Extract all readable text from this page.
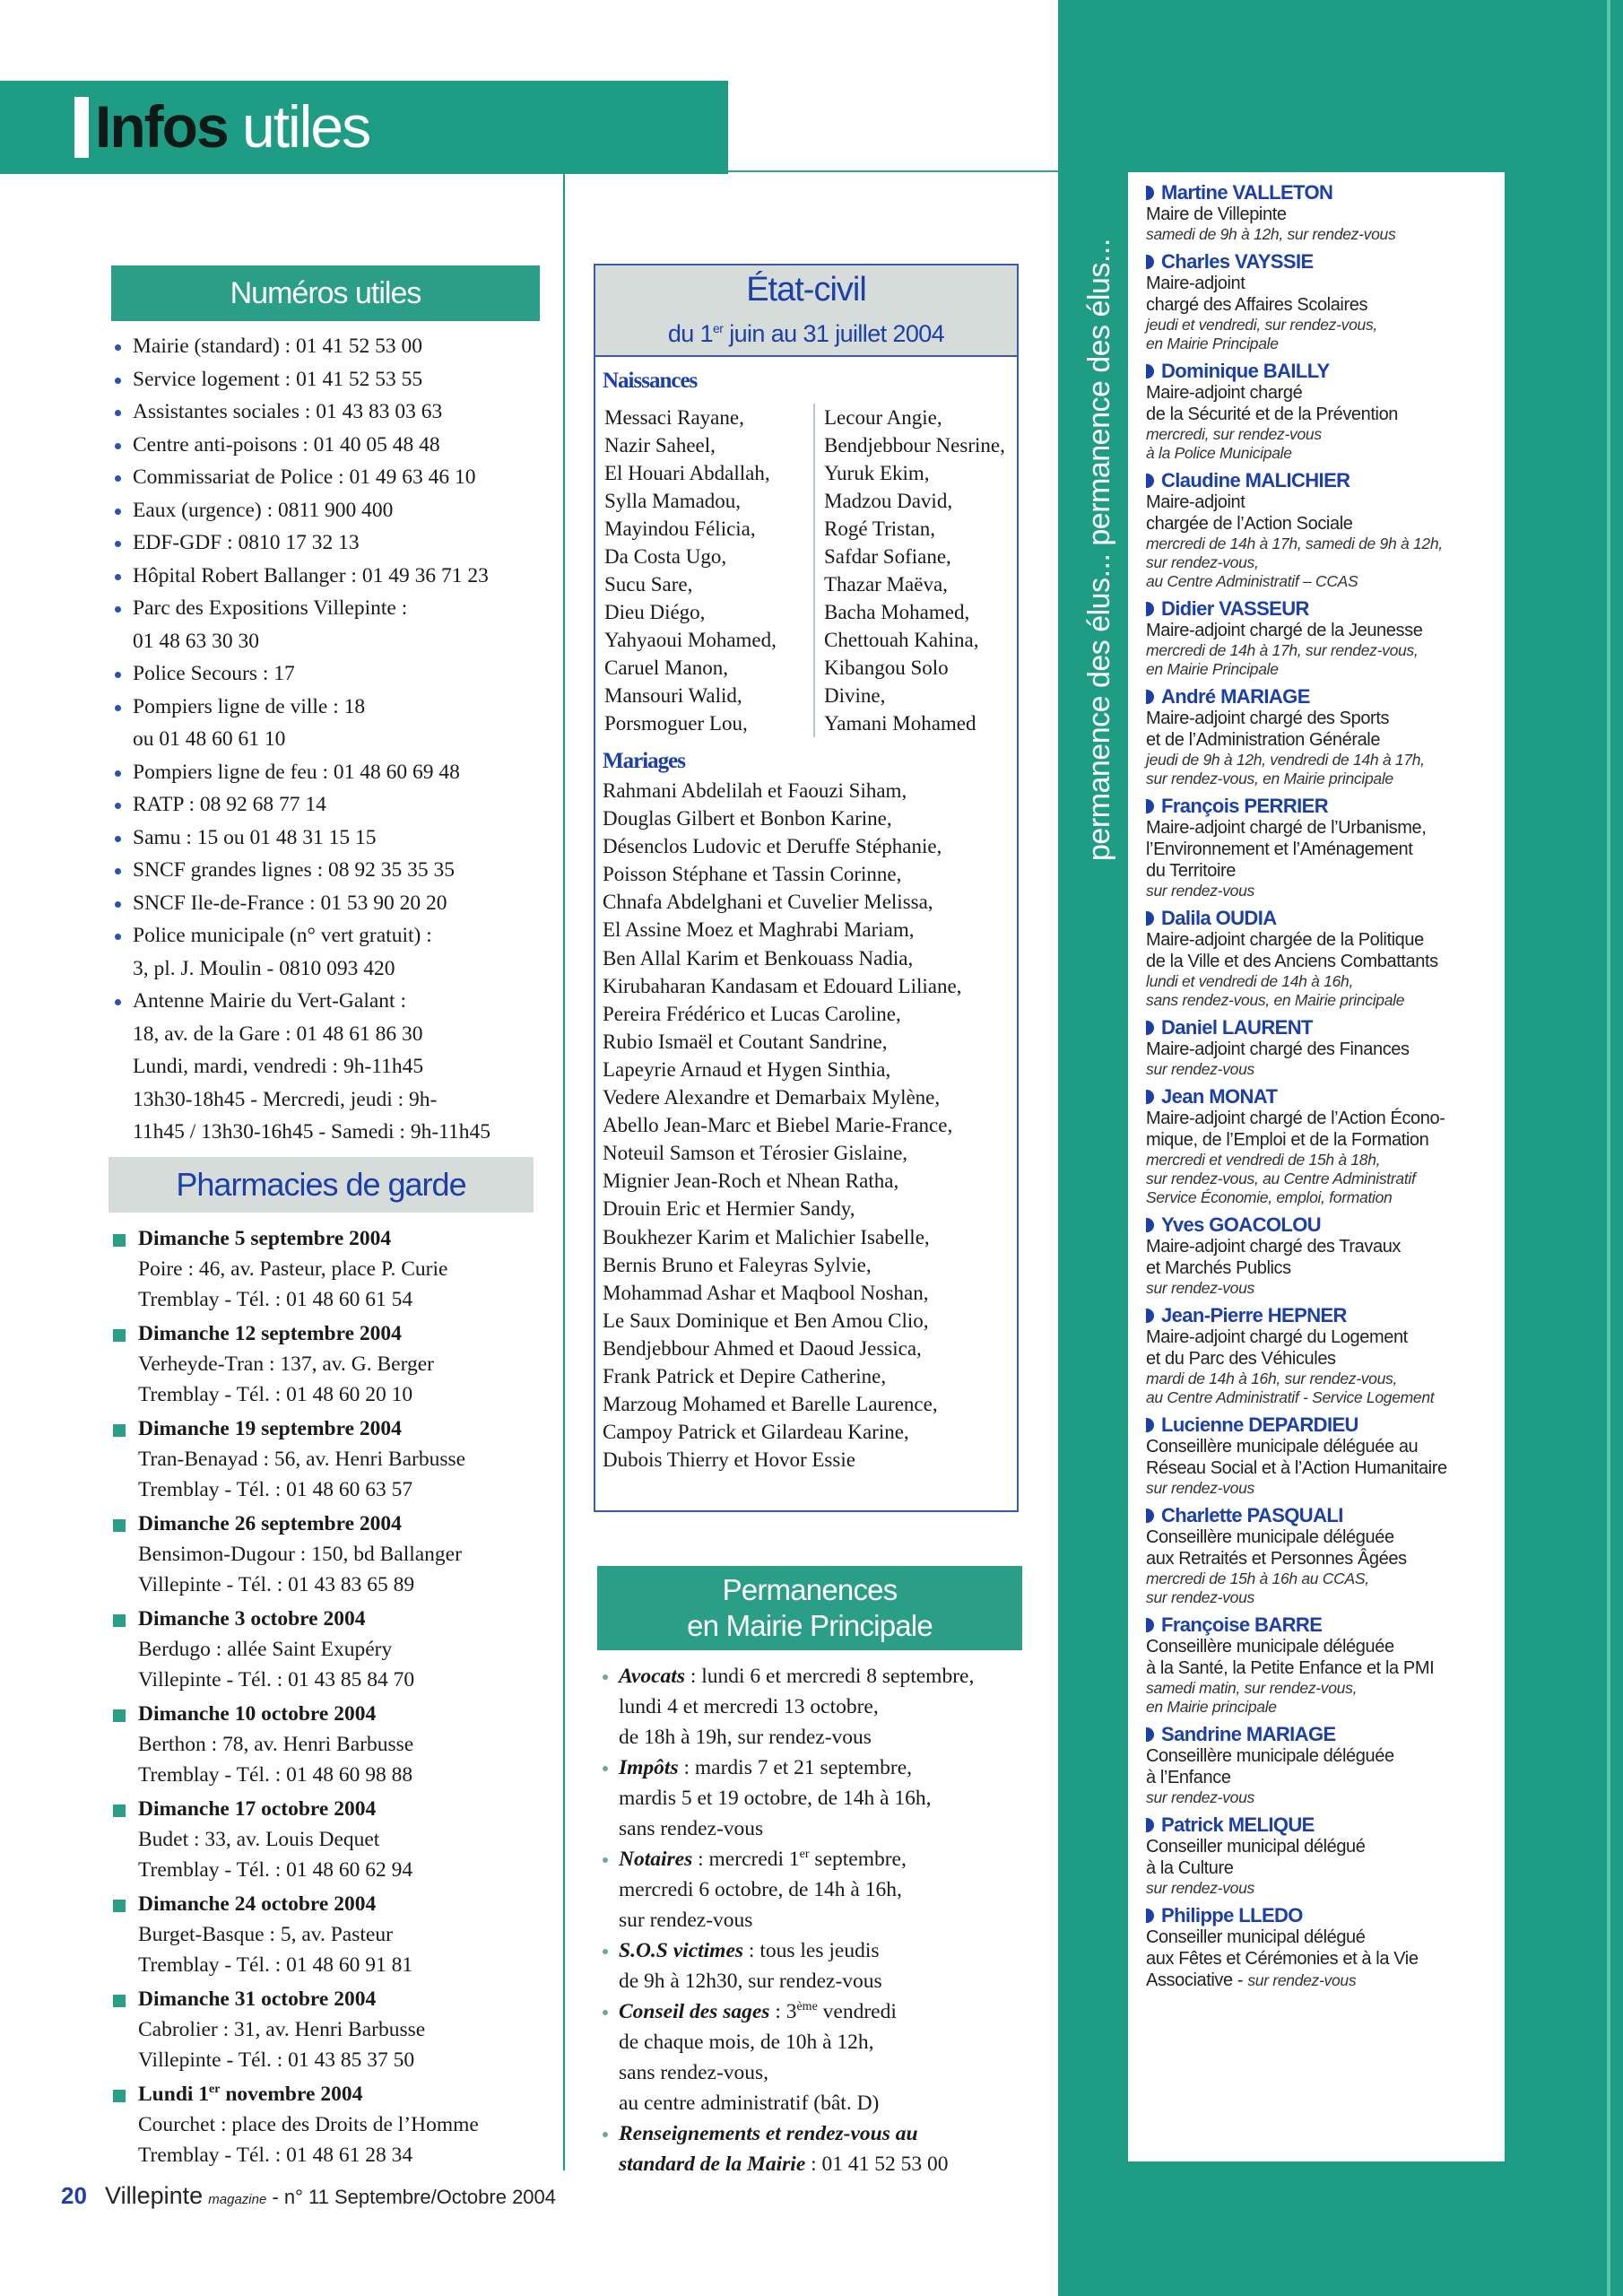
Infos utiles
Numéros utiles
Mairie (standard) : 01 41 52 53 00
Service logement : 01 41 52 53 55
Assistantes sociales : 01 43 83 03 63
Centre anti-poisons : 01 40 05 48 48
Commissariat de Police : 01 49 63 46 10
Eaux (urgence) : 0811 900 400
EDF-GDF : 0810 17 32 13
Hôpital Robert Ballanger : 01 49 36 71 23
Parc des Expositions Villepinte :
01 48 63 30 30
Police Secours : 17
Pompiers ligne de ville : 18
ou 01 48 60 61 10
Pompiers ligne de feu : 01 48 60 69 48
RATP : 08 92 68 77 14
Samu : 15 ou 01 48 31 15 15
SNCF grandes lignes : 08 92 35 35 35
SNCF Ile-de-France : 01 53 90 20 20
Police municipale (n° vert gratuit) :
3, pl. J. Moulin - 0810 093 420
Antenne Mairie du Vert-Galant :
18, av. de la Gare : 01 48 61 86 30
Lundi, mardi, vendredi : 9h-11h45
13h30-18h45 - Mercredi, jeudi : 9h-
11h45 / 13h30-16h45 - Samedi : 9h-11h45
Pharmacies de garde
Dimanche 5 septembre 2004
Poire : 46, av. Pasteur, place P. Curie
Tremblay - Tél. : 01 48 60 61 54
Dimanche 12 septembre 2004
Verheyde-Tran : 137, av. G. Berger
Tremblay - Tél. : 01 48 60 20 10
Dimanche 19 septembre 2004
Tran-Benayad : 56, av. Henri Barbusse
Tremblay - Tél. : 01 48 60 63 57
Dimanche 26 septembre 2004
Bensimon-Dugour : 150, bd Ballanger
Villepinte - Tél. : 01 43 83 65 89
Dimanche 3 octobre 2004
Berdugo : allée Saint Exupéry
Villepinte - Tél. : 01 43 85 84 70
Dimanche 10 octobre 2004
Berthon : 78, av. Henri Barbusse
Tremblay - Tél. : 01 48 60 98 88
Dimanche 17 octobre 2004
Budet : 33, av. Louis Dequet
Tremblay - Tél. : 01 48 60 62 94
Dimanche 24 octobre 2004
Burget-Basque : 5, av. Pasteur
Tremblay - Tél. : 01 48 60 91 81
Dimanche 31 octobre 2004
Cabrolier : 31, av. Henri Barbusse
Villepinte - Tél. : 01 43 85 37 50
Lundi 1er novembre 2004
Courchet : place des Droits de l’Homme
Tremblay - Tél. : 01 48 61 28 34
État-civil
du 1er juin au 31 juillet 2004
Naissances
Messaci Rayane,
Nazir Saheel,
El Houari Abdallah,
Sylla Mamadou,
Mayindou Félicia,
Da Costa Ugo,
Sucu Sare,
Dieu Diégo,
Yahyaoui Mohamed,
Caruel Manon,
Mansouri Walid,
Porsmoguer Lou,
Lecour Angie,
Bendjebbour Nesrine,
Yuruk Ekim,
Madzou David,
Rogé Tristan,
Safdar Sofiane,
Thazar Maëva,
Bacha Mohamed,
Chettouah Kahina,
Kibangou Solo
Divine,
Yamani Mohamed
Mariages
Rahmani Abdelilah et Faouzi Siham,
Douglas Gilbert et Bonbon Karine,
Désenclos Ludovic et Deruffe Stéphanie,
Poisson Stéphane et Tassin Corinne,
Chnafa Abdelghani et Cuvelier Melissa,
El Assine Moez et Maghrabi Mariam,
Ben Allal Karim et Benkouass Nadia,
Kirubaharan Kandasam et Edouard Liliane,
Pereira Frédérico et Lucas Caroline,
Rubio Ismaël et Coutant Sandrine,
Lapeyrie Arnaud et Hygen Sinthia,
Vedere Alexandre et Demarbaix Mylène,
Abello Jean-Marc et Biebel Marie-France,
Noteuil Samson et Térosier Gislaine,
Mignier Jean-Roch et Nhean Ratha,
Drouin Eric et Hermier Sandy,
Boukhezer Karim et Malichier Isabelle,
Bernis Bruno et Faleyras Sylvie,
Mohammad Ashar et Maqbool Noshan,
Le Saux Dominique et Ben Amou Clio,
Bendjebbour Ahmed et Daoud Jessica,
Frank Patrick et Depire Catherine,
Marzoug Mohamed et Barelle Laurence,
Campoy Patrick et Gilardeau Karine,
Dubois Thierry et Hovor Essie
Permanences
en Mairie Principale
Avocats : lundi 6 et mercredi 8 septembre,
lundi 4 et mercredi 13 octobre,
de 18h à 19h, sur rendez-vous
Impôts : mardis 7 et 21 septembre,
mardis 5 et 19 octobre, de 14h à 16h,
sans rendez-vous
Notaires : mercredi 1er septembre,
mercredi 6 octobre, de 14h à 16h,
sur rendez-vous
S.O.S victimes : tous les jeudis
de 9h à 12h30, sur rendez-vous
Conseil des sages : 3ème vendredi
de chaque mois, de 10h à 12h,
sans rendez-vous,
au centre administratif (bât. D)
Renseignements et rendez-vous au
standard de la Mairie : 01 41 52 53 00
permanence des élus... permanence des élus...
Martine VALLETON
Maire de Villepinte
samedi de 9h à 12h, sur rendez-vous
Charles VAYSSIE
Maire-adjoint
chargé des Affaires Scolaires
jeudi et vendredi, sur rendez-vous,
en Mairie Principale
Dominique BAILLY
Maire-adjoint chargé
de la Sécurité et de la Prévention
mercredi, sur rendez-vous
à la Police Municipale
Claudine MALICHIER
Maire-adjoint
chargée de l’Action Sociale
mercredi de 14h à 17h, samedi de 9h à 12h,
sur rendez-vous,
au Centre Administratif – CCAS
Didier VASSEUR
Maire-adjoint chargé de la Jeunesse
mercredi de 14h à 17h, sur rendez-vous,
en Mairie Principale
André MARIAGE
Maire-adjoint chargé des Sports
et de l’Administration Générale
jeudi de 9h à 12h, vendredi de 14h à 17h,
sur rendez-vous, en Mairie principale
François PERRIER
Maire-adjoint chargé de l’Urbanisme,
l’Environnement et l’Aménagement
du Territoire
sur rendez-vous
Dalila OUDIA
Maire-adjoint chargée de la Politique
de la Ville et des Anciens Combattants
lundi et vendredi de 14h à 16h,
sans rendez-vous, en Mairie principale
Daniel LAURENT
Maire-adjoint chargé des Finances
sur rendez-vous
Jean MONAT
Maire-adjoint chargé de l’Action Écono-
mique, de l’Emploi et de la Formation
mercredi et vendredi de 15h à 18h,
sur rendez-vous, au Centre Administratif
Service Économie, emploi, formation
Yves GOACOLOU
Maire-adjoint chargé des Travaux
et Marchés Publics
sur rendez-vous
Jean-Pierre HEPNER
Maire-adjoint chargé du Logement
et du Parc des Véhicules
mardi de 14h à 16h, sur rendez-vous,
au Centre Administratif - Service Logement
Lucienne DEPARDIEU
Conseillère municipale déléguée au
Réseau Social et à l’Action Humanitaire
sur rendez-vous
Charlette PASQUALI
Conseillère municipale déléguée
aux Retraités et Personnes Âgées
mercredi de 15h à 16h au CCAS,
sur rendez-vous
Françoise BARRE
Conseillère municipale déléguée
à la Santé, la Petite Enfance et la PMI
samedi matin, sur rendez-vous,
en Mairie principale
Sandrine MARIAGE
Conseillère municipale déléguée
à l’Enfance
sur rendez-vous
Patrick MELIQUE
Conseiller municipal délégué
à la Culture
sur rendez-vous
Philippe LLEDO
Conseiller municipal délégué
aux Fêtes et Cérémonies et à la Vie
Associative - sur rendez-vous
20 Villepinte magazine - n° 11 Septembre/Octobre 2004
